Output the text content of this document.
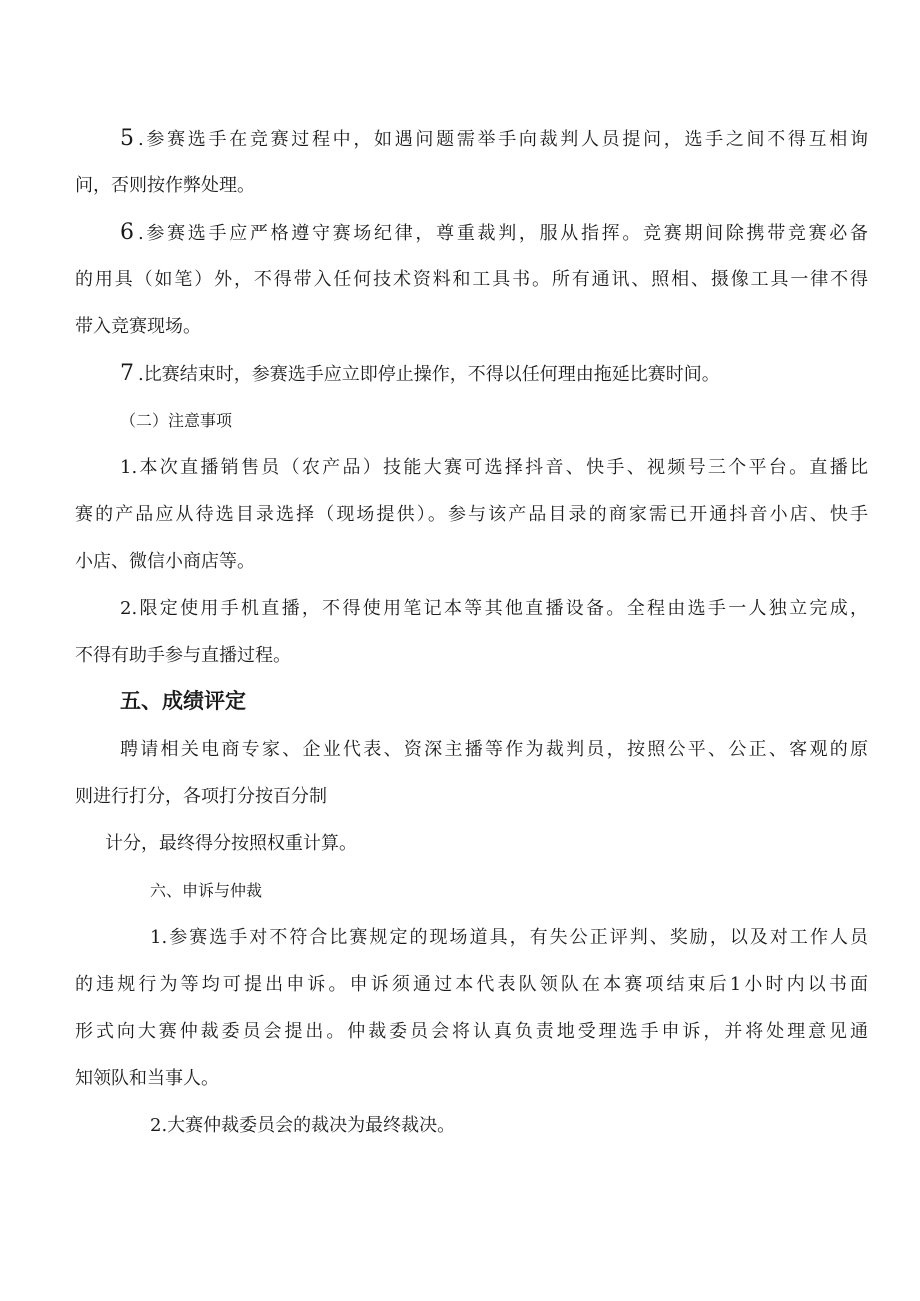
5 .参赛选手在竞赛过程中，如遇问题需举手向裁判人员提问，选手之间不得互相询
问，否则按作弊处理。
6 .参赛选手应严格遵守赛场纪律，尊重裁判，服从指挥。竞赛期间除携带竞赛必备
的用具（如笔）外，不得带入任何技术资料和工具书。所有通讯、照相、摄像工具一律不得
带入竞赛现场。
7 .比赛结束时，参赛选手应立即停止操作，不得以任何理由拖延比赛时间。
（二）注意事项
1.本次直播销售员（农产品）技能大赛可选择抖音、快手、视频号三个平台。直播比
赛的产品应从待选目录选择（现场提供）。参与该产品目录的商家需已开通抖音小店、快手
小店、微信小商店等。
2.限定使用手机直播，不得使用笔记本等其他直播设备。全程由选手一人独立完成，
不得有助手参与直播过程。
五、成绩评定
聘请相关电商专家、企业代表、资深主播等作为裁判员，按照公平、公正、客观的原
则进行打分，各项打分按百分制
计分，最终得分按照权重计算。
六、申诉与仲裁
1.参赛选手对不符合比赛规定的现场道具，有失公正评判、奖励，以及对工作人员
的违规行为等均可提出申诉。申诉须通过本代表队领队在本赛项结束后1小时内以书面
形式向大赛仲裁委员会提出。仲裁委员会将认真负责地受理选手申诉，并将处理意见通
知领队和当事人。
2.大赛仲裁委员会的裁决为最终裁决。
